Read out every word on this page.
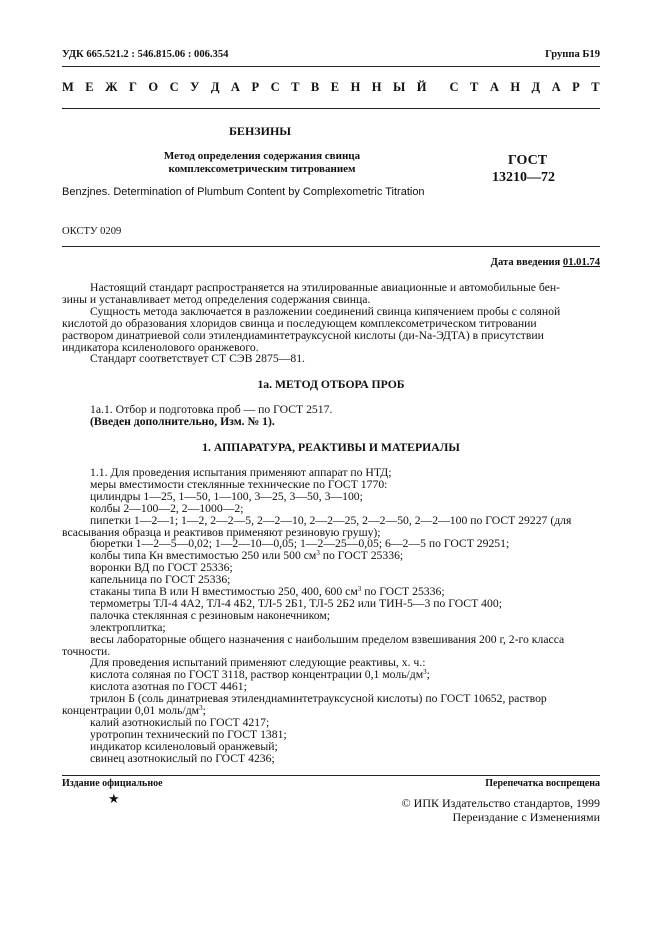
УДК 665.521.2 : 546.815.06 : 006.354	Группа Б19
М Е Ж Г О С У Д А Р С Т В Е Н Н Ы Й С Т А Н Д А Р Т
БЕНЗИНЫ
Метод определения содержания свинца
комплексометрическим титрованием
Benzjnes. Determination of Plumbum Content by Complexometric Titration
ГОСТ
13210—72
ОКСТУ 0209
Дата введения 01.01.74

Настоящий стандарт распространяется на этилированные авиационные и автомобильные бен-

зины и устанавливает метод определения содержания свинца.

Сущность метода заключается в разложении соединений свинца кипячением пробы с соляной

кислотой до образования хлоридов свинца и последующем комплексометрическом титровании

раствором динатриевой соли этилендиаминтетрауксусной кислоты (ди-Na-ЭДТА) в присутствии

индикатора ксиленолового оранжевого.

Стандарт соответствует СТ СЭВ 2875—81.

1а. МЕТОД ОТБОРА ПРОБ

1а.1. Отбор и подготовка проб — по ГОСТ 2517.

(Введен дополнительно, Изм. № 1).

1. АППАРАТУРА, РЕАКТИВЫ И МАТЕРИАЛЫ

1.1. Для проведения испытания применяют аппарат по НТД;

меры вместимости стеклянные технические по ГОСТ 1770:

цилиндры 1—25, 1—50, 1—100, 3—25, 3—50, 3—100;

колбы 2—100—2, 2—1000—2;

пипетки 1—2—1; 1—2, 2—2—5, 2—2—10, 2—2—25, 2—2—50, 2—2—100 по ГОСТ 29227 (для

всасывания образца и реактивов применяют резиновую грушу);

бюретки 1—2—5—0,02; 1—2—10—0,05; 1—2—25—0,05; 6—2—5 по ГОСТ 29251;

колбы типа Кн вместимостью 250 или 500 $см^3$ по ГОСТ 25336;

воронки ВД по ГОСТ 25336;

капельница по ГОСТ 25336;

стаканы типа В или Н вместимостью 250, 400, 600 $см^3$ по ГОСТ 25336;

термометры ТЛ-4 4А2, ТЛ-4 4Б2, ТЛ-5 2Б1, ТЛ-5 2Б2 или ТИН-5—3 по ГОСТ 400;

палочка стеклянная с резиновым наконечником;

электроплитка;

весы лабораторные общего назначения с наибольшим пределом взвешивания 200 г, 2-го класса

точности.

Для проведения испытаний применяют следующие реактивы, х. ч.:

кислота соляная по ГОСТ 3118, раствор концентрации 0,1 моль/$дм^3$;

кислота азотная по ГОСТ 4461;

трилон Б (соль динатриевая этилендиаминтетрауксусной кислоты) по ГОСТ 10652, раствор

концентрации 0,01 моль/$дм^3$;

калий азотнокислый по ГОСТ 4217;

уротропин технический по ГОСТ 1381;

индикатор ксиленоловый оранжевый;

свинец азотнокислый по ГОСТ 4236;

Издание официальное	Перепечатка воспрещена
★	© ИПК Издательство стандартов, 1999
Переиздание с Изменениями
